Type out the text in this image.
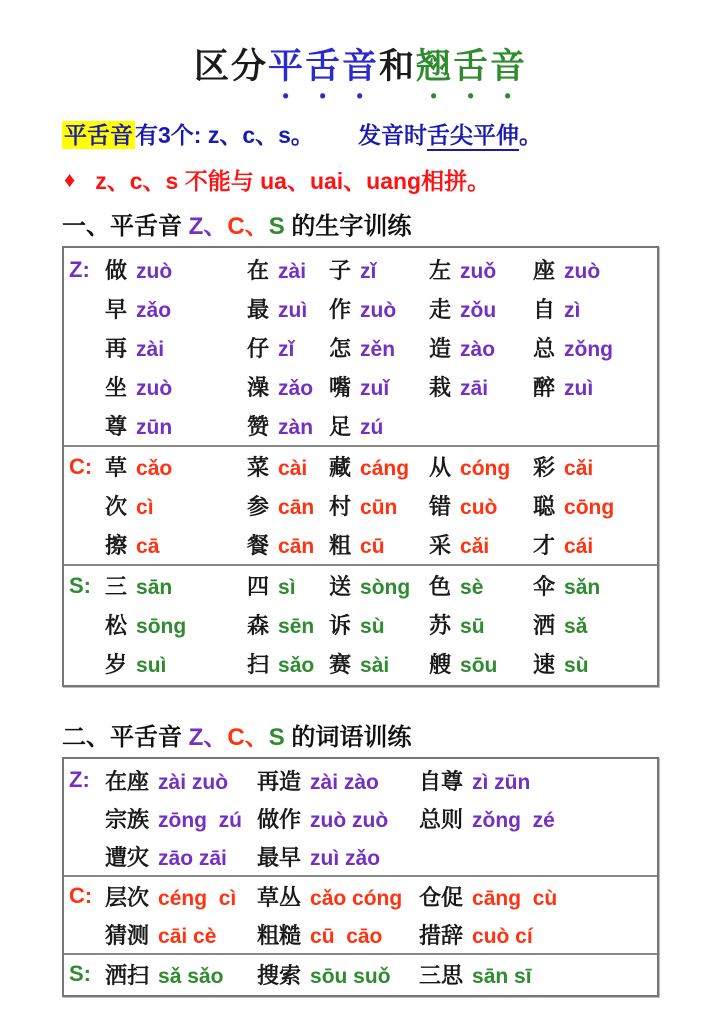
区分平舌音和翘舌音

平舌音有3个: z、c、s。 发音时舌尖平伸。

♦ z、c、s 不能与 ua、uai、uang相拼。

一、平舌音 Z、C、S 的生字训练
Z: 做 zuò	在 zài 子 zǐ 左 zuǒ 座 zuò
早 zǎo	最 zuì 作 zuò 走 zǒu 自 zì
再 zài	仔 zǐ 怎 zěn 造 zào 总 zǒng
坐 zuò	澡 zǎo 嘴 zuǐ 栽 zāi 醉 zuì
尊 zūn	赞 zàn 足 zú
C: 草 cǎo	菜 cài 藏 cáng 从 cóng 彩 cǎi
次 cì	参 cān 村 cūn 错 cuò 聪 cōng
擦 cā	餐 cān 粗 cū 采 cǎi 才 cái
S: 三 sān	四 sì 送 sòng 色 sè 伞 sǎn
松 sōng	森 sēn 诉 sù 苏 sū 洒 sǎ
岁 suì	扫 sǎo 赛 sài 艘 sōu 速 sù
二、平舌音 Z、C、S 的词语训练
Z: 在座 zài zuò 再造 zài zào 自尊 zì zūn
宗族 zōng  zú 做作 zuò zuò 总则 zǒng  zé
遭灾 zāo zāi 最早 zuì zǎo
C: 层次 céng  cì 草丛 cǎo cóng 仓促 cāng  cù
猜测 cāi cè 粗糙 cū  cāo 措辞 cuò cí
S: 洒扫 sǎ sǎo 搜索 sōu suǒ 三思 sān sī
